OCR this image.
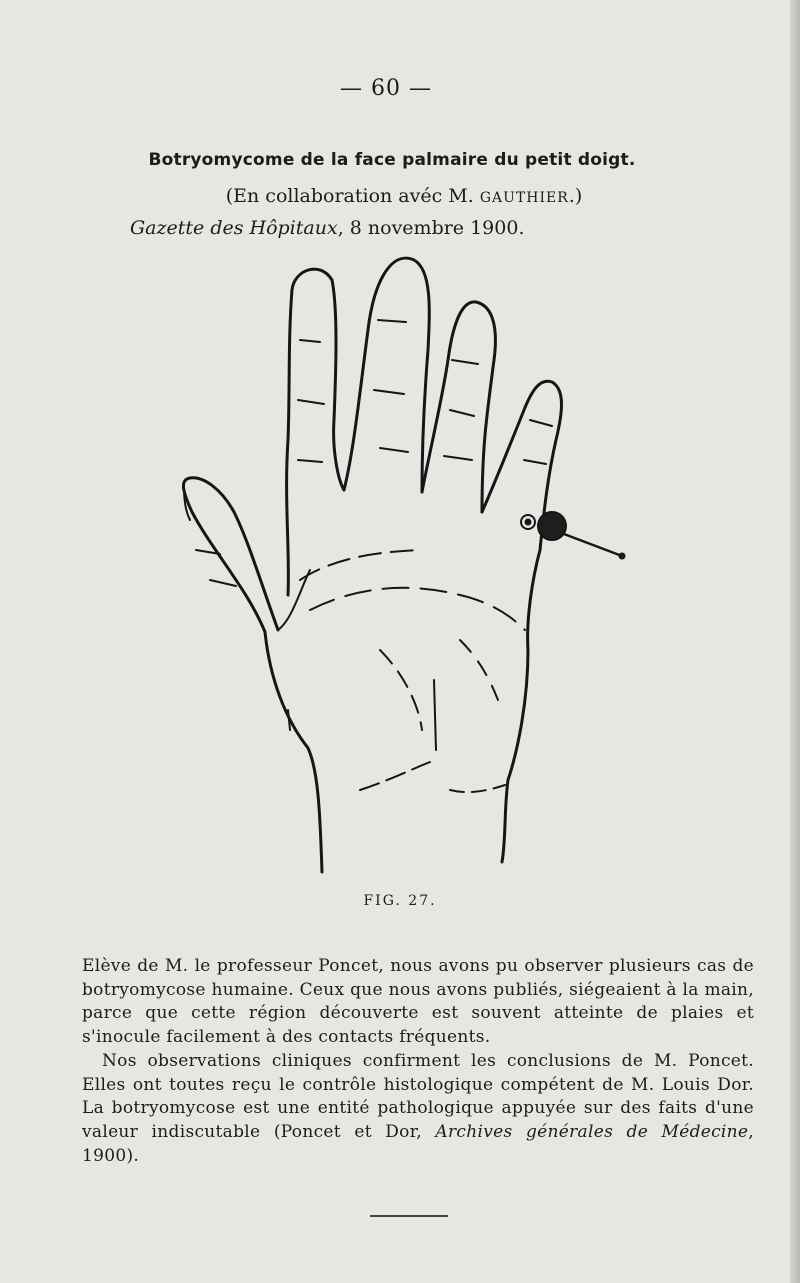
— 60 —
Botryomycome de la face palmaire du petit doigt.
(En collaboration avéc M. GAUTHIER.)
Gazette des Hôpitaux, 8 novembre 1900.
FIG. 27.

Elève de M. le professeur Poncet, nous avons pu observer plusieurs cas de botryomycose humaine. Ceux que nous avons publiés, siégeaient à la main, parce que cette région découverte est souvent atteinte de plaies et s'inocule facilement à des contacts fréquents.

Nos observations cliniques confirment les conclusions de M. Poncet. Elles ont toutes reçu le contrôle histologique compétent de M. Louis Dor. La botryomycose est une entité pathologique appuyée sur des faits d'une valeur indiscutable (Poncet et Dor, Archives générales de Médecine, 1900).
